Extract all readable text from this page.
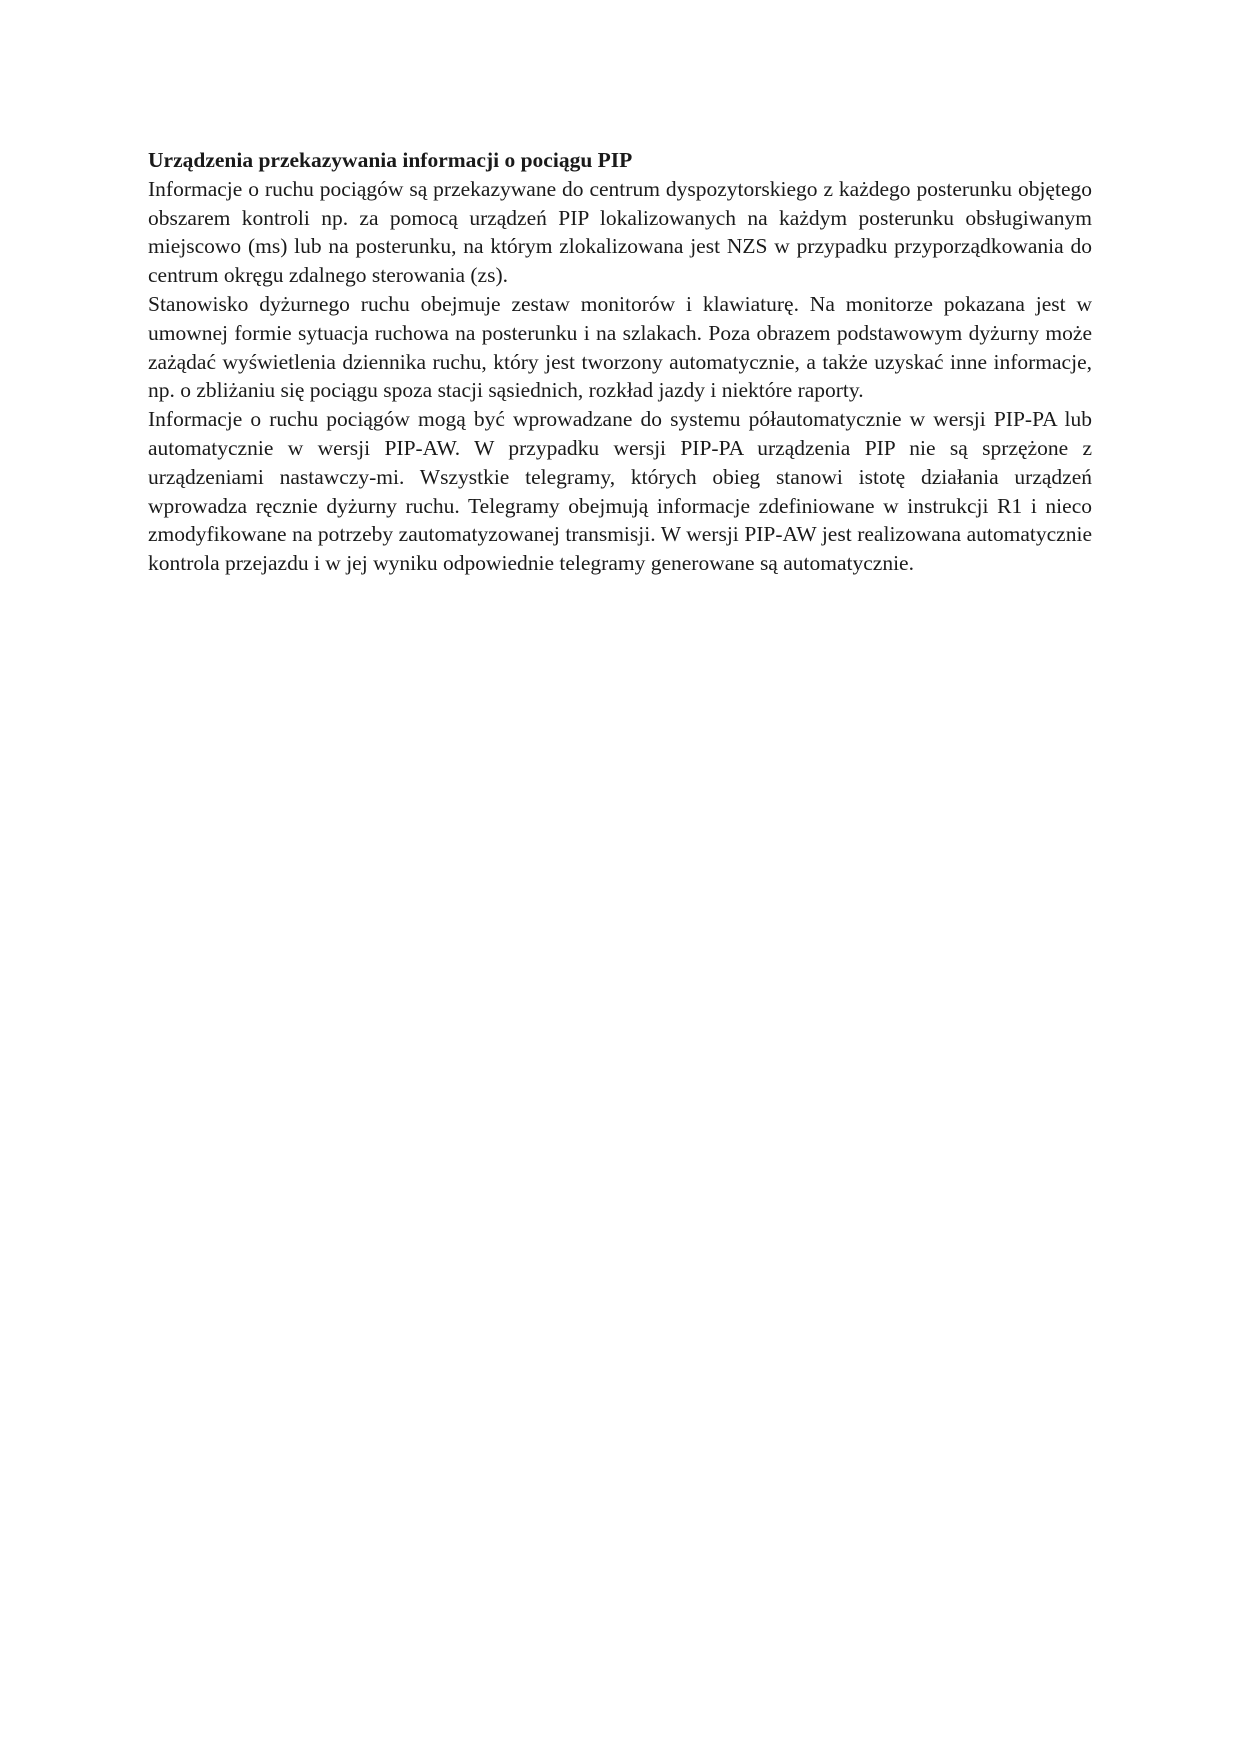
Urządzenia przekazywania informacji o pociągu PIP

Informacje o ruchu pociągów są przekazywane do centrum dyspozytorskiego z każdego posterunku objętego obszarem kontroli np. za pomocą urządzeń PIP lokalizowanych na każdym posterunku obsługiwanym miejscowo (ms) lub na posterunku, na którym zlokalizowana jest NZS w przypadku przyporządkowania do centrum okręgu zdalnego sterowania (zs).

Stanowisko dyżurnego ruchu obejmuje zestaw monitorów i klawiaturę. Na monitorze pokazana jest w umownej formie sytuacja ruchowa na posterunku i na szlakach. Poza obrazem podstawowym dyżurny może zażądać wyświetlenia dziennika ruchu, który jest tworzony automatycznie, a także uzyskać inne informacje, np. o zbliżaniu się pociągu spoza stacji sąsiednich, rozkład jazdy i niektóre raporty.

Informacje o ruchu pociągów mogą być wprowadzane do systemu półautomatycznie w wersji PIP-PA lub automatycznie w wersji PIP-AW. W przypadku wersji PIP-PA urządzenia PIP nie są sprzężone z urządzeniami nastawczy-mi. Wszystkie telegramy, których obieg stanowi istotę działania urządzeń wprowadza ręcznie dyżurny ruchu. Telegramy obejmują informacje zdefiniowane w instrukcji R1 i nieco zmodyfikowane na potrzeby zautomatyzowanej transmisji. W wersji PIP-AW jest realizowana automatycznie kontrola przejazdu i w jej wyniku odpowiednie telegramy generowane są automatycznie.
